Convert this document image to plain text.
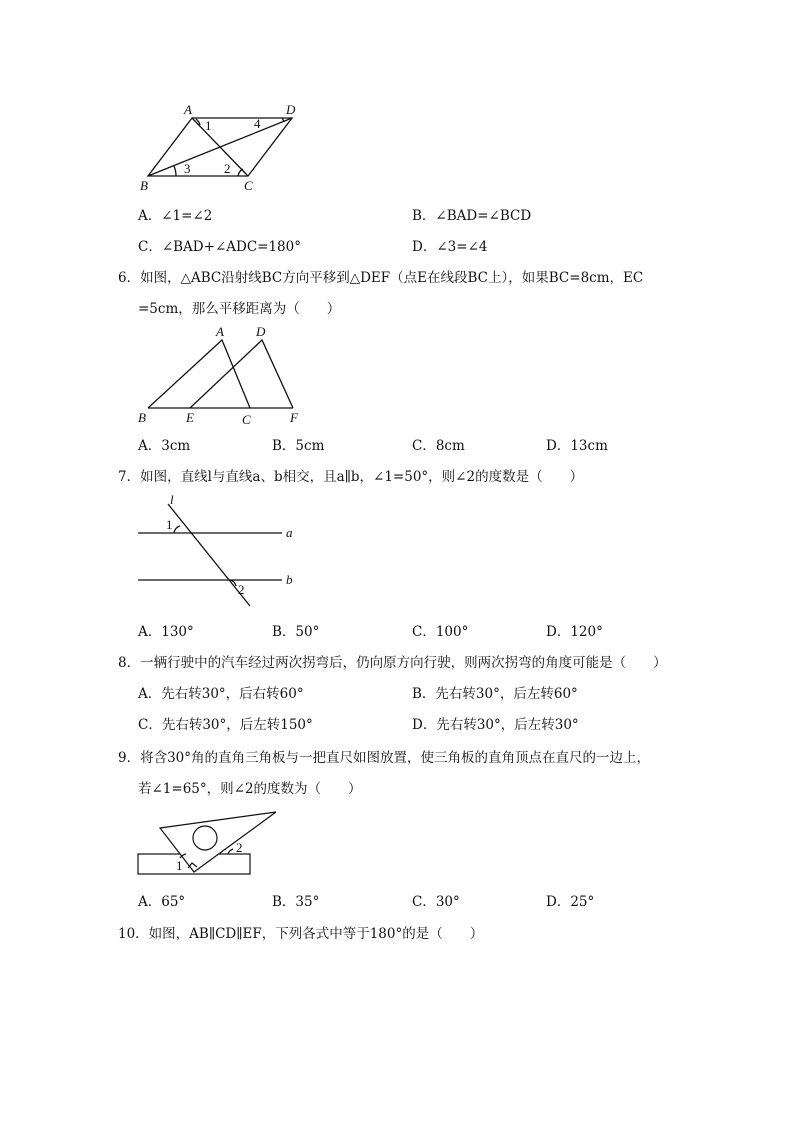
A	D
B	C
1	4
3	2
A．∠1=∠2	B．∠BAD=∠BCD
C．∠BAD+∠ADC=180°	D．∠3=∠4
6．如图，△ABC沿射线BC方向平移到△DEF（点E在线段BC上），如果BC=8cm，EC
=5cm，那么平移距离为（　　）
A D
B	E	C	F
A．3cm	B．5cm	C．8cm	D．13cm
7．如图，直线l与直线a、b相交，且a∥b，∠1=50°，则∠2的度数是（　　）
l
a
b
1
2
A．130°	B．50°	C．100°	D．120°
8．一辆行驶中的汽车经过两次拐弯后，仍向原方向行驶，则两次拐弯的角度可能是（　　）
A．先右转30°，后右转60°	B．先右转30°，后左转60°
C．先右转30°，后左转150°	D．先右转30°，后左转30°
9．将含30°角的直角三角板与一把直尺如图放置，使三角板的直角顶点在直尺的一边上，
若∠1=65°，则∠2的度数为（　　）
1
2
A．65°	B．35°	C．30°	D．25°
10．如图，AB∥CD∥EF，下列各式中等于180°的是（　　）
